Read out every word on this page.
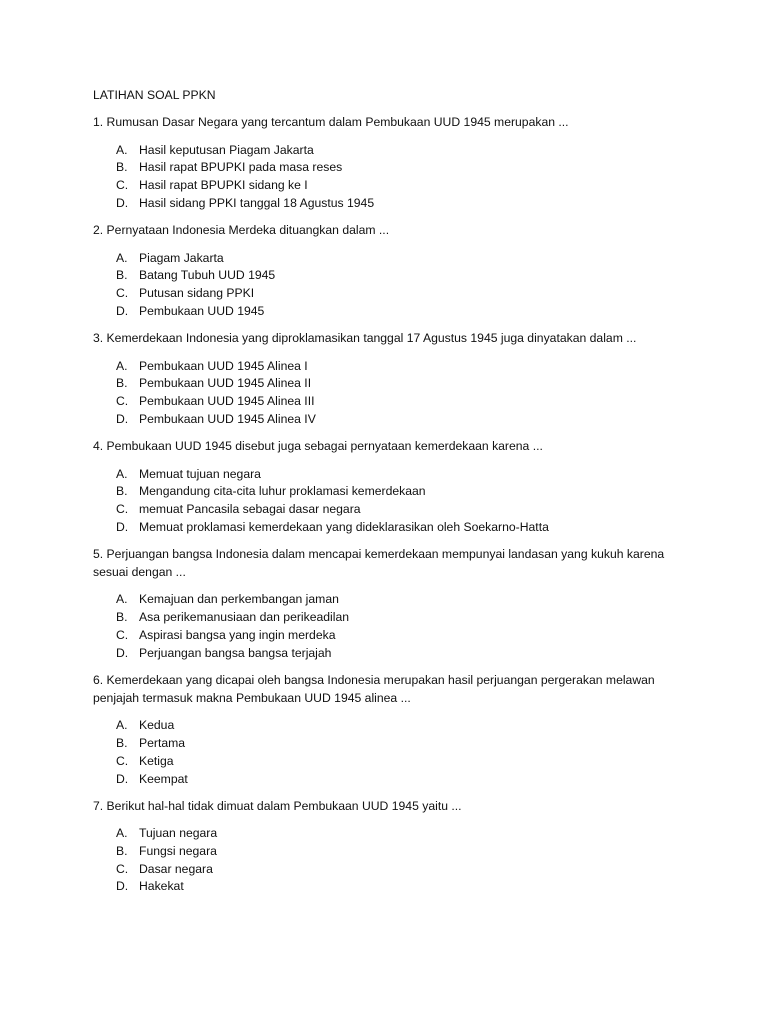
LATIHAN SOAL PPKN
1. Rumusan Dasar Negara yang tercantum dalam Pembukaan UUD 1945 merupakan ...
A. Hasil keputusan Piagam Jakarta
B. Hasil rapat BPUPKI pada masa reses
C. Hasil rapat BPUPKI sidang ke I
D. Hasil sidang PPKI tanggal 18 Agustus 1945
2. Pernyataan Indonesia Merdeka dituangkan dalam ...
A. Piagam Jakarta
B. Batang Tubuh UUD 1945
C. Putusan sidang PPKI
D. Pembukaan UUD 1945
3. Kemerdekaan Indonesia yang diproklamasikan tanggal 17 Agustus 1945 juga dinyatakan dalam ...
A. Pembukaan UUD 1945 Alinea I
B. Pembukaan UUD 1945 Alinea II
C. Pembukaan UUD 1945 Alinea III
D. Pembukaan UUD 1945 Alinea IV
4. Pembukaan UUD 1945 disebut juga sebagai pernyataan kemerdekaan karena ...
A. Memuat tujuan negara
B. Mengandung cita-cita luhur proklamasi kemerdekaan
C. memuat Pancasila sebagai dasar negara
D. Memuat proklamasi kemerdekaan yang dideklarasikan oleh Soekarno-Hatta
5. Perjuangan bangsa Indonesia dalam mencapai kemerdekaan mempunyai landasan yang kukuh karena sesuai dengan ...
A. Kemajuan dan perkembangan jaman
B. Asa perikemanusiaan dan perikeadilan
C. Aspirasi bangsa yang ingin merdeka
D. Perjuangan bangsa bangsa terjajah
6. Kemerdekaan yang dicapai oleh bangsa Indonesia merupakan hasil perjuangan pergerakan melawan penjajah termasuk makna Pembukaan UUD 1945 alinea ...
A. Kedua
B. Pertama
C. Ketiga
D. Keempat
7. Berikut hal-hal tidak dimuat dalam Pembukaan UUD 1945 yaitu ...
A. Tujuan negara
B. Fungsi negara
C. Dasar negara
D. Hakekat
